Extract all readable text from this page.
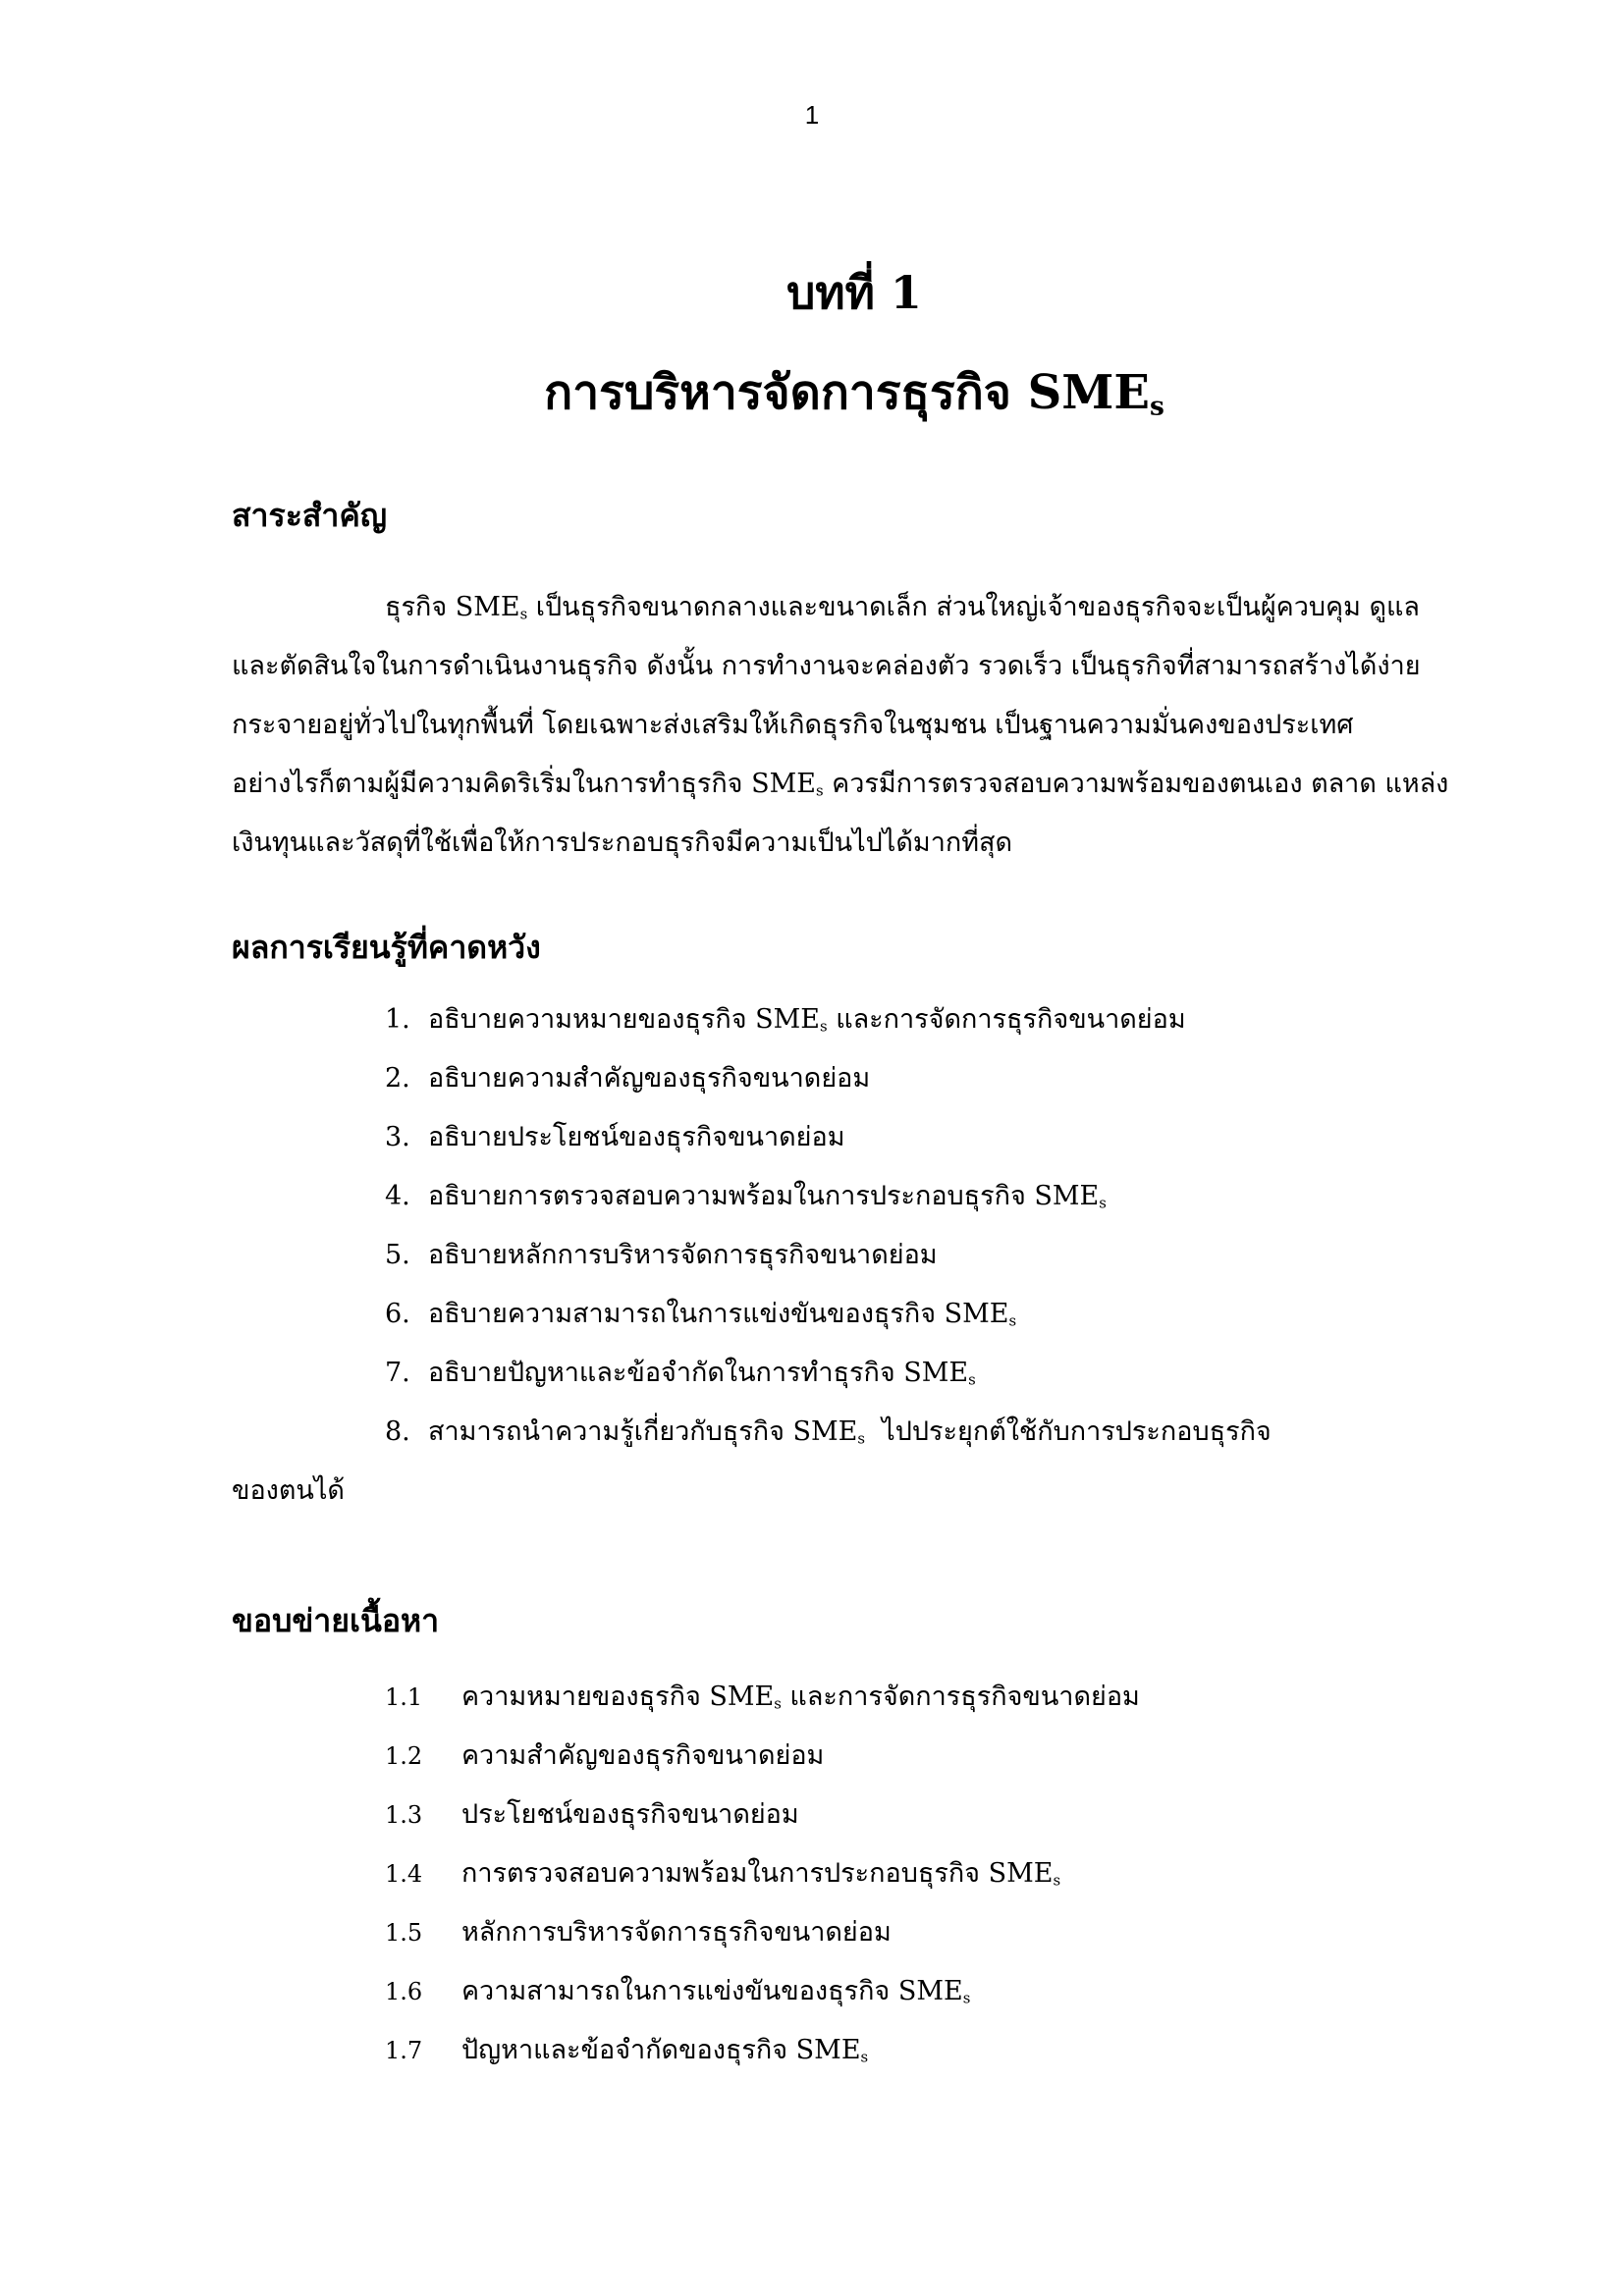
1
บทที่ 1
การบริหารจัดการธุรกิจ $SME_s$
สาระสำคัญ
ธุรกิจ $SME_s$ เป็นธุรกิจขนาดกลางและขนาดเล็ก ส่วนใหญ่เจ้าของธุรกิจจะเป็นผู้ควบคุม ดูแล
และตัดสินใจในการดำเนินงานธุรกิจ ดังนั้น การทำงานจะคล่องตัว รวดเร็ว เป็นธุรกิจที่สามารถสร้างได้ง่าย
กระจายอยู่ทั่วไปในทุกพื้นที่ โดยเฉพาะส่งเสริมให้เกิดธุรกิจในชุมชน เป็นฐานความมั่นคงของประเทศ
อย่างไรก็ตามผู้มีความคิดริเริ่มในการทำธุรกิจ $SME_s$ ควรมีการตรวจสอบความพร้อมของตนเอง ตลาด แหล่ง
เงินทุนและวัสดุที่ใช้เพื่อให้การประกอบธุรกิจมีความเป็นไปได้มากที่สุด
ผลการเรียนรู้ที่คาดหวัง
1. อธิบายความหมายของธุรกิจ $SME_s$ และการจัดการธุรกิจขนาดย่อม
2. อธิบายความสำคัญของธุรกิจขนาดย่อม
3. อธิบายประโยชน์ของธุรกิจขนาดย่อม
4. อธิบายการตรวจสอบความพร้อมในการประกอบธุรกิจ $SME_s$
5. อธิบายหลักการบริหารจัดการธุรกิจขนาดย่อม
6. อธิบายความสามารถในการแข่งขันของธุรกิจ $SME_s$
7. อธิบายปัญหาและข้อจำกัดในการทำธุรกิจ $SME_s$
8. สามารถนำความรู้เกี่ยวกับธุรกิจ $SME_s$  ไปประยุกต์ใช้กับการประกอบธุรกิจ
ของตนได้
ขอบข่ายเนื้อหา
1.1 ความหมายของธุรกิจ $SME_s$ และการจัดการธุรกิจขนาดย่อม
1.2 ความสำคัญของธุรกิจขนาดย่อม
1.3 ประโยชน์ของธุรกิจขนาดย่อม
1.4 การตรวจสอบความพร้อมในการประกอบธุรกิจ $SME_s$
1.5 หลักการบริหารจัดการธุรกิจขนาดย่อม
1.6 ความสามารถในการแข่งขันของธุรกิจ $SME_s$
1.7 ปัญหาและข้อจำกัดของธุรกิจ $SME_s$
